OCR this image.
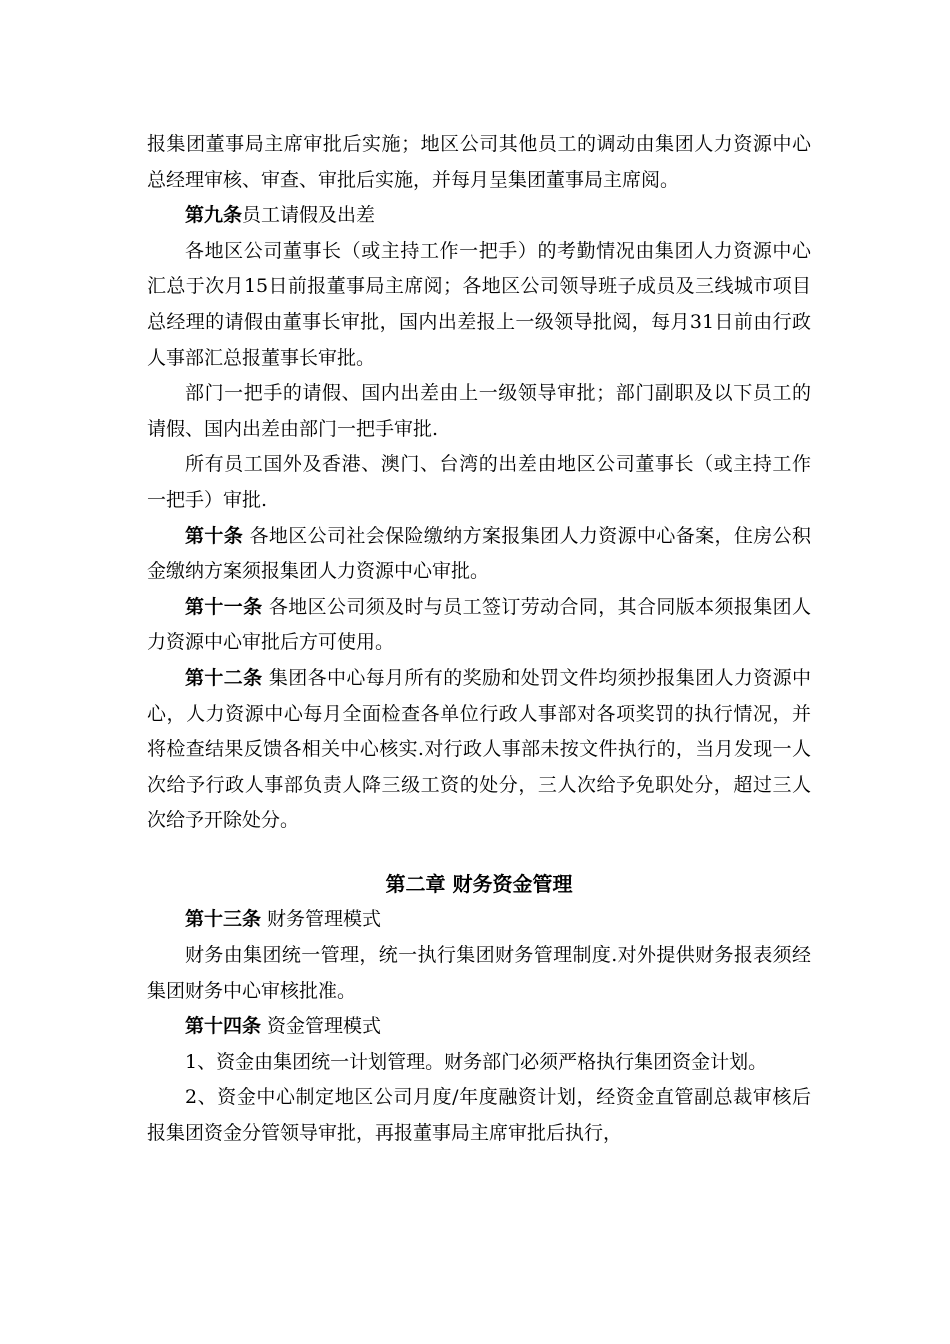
报集团董事局主席审批后实施；地区公司其他员工的调动由集团人力资源中心总经理审核、审查、审批后实施，并每月呈集团董事局主席阅。

第九条员工请假及出差

各地区公司董事长（或主持工作一把手）的考勤情况由集团人力资源中心汇总于次月15日前报董事局主席阅；各地区公司领导班子成员及三线城市项目总经理的请假由董事长审批，国内出差报上一级领导批阅，每月31日前由行政人事部汇总报董事长审批。

部门一把手的请假、国内出差由上一级领导审批；部门副职及以下员工的请假、国内出差由部门一把手审批.

所有员工国外及香港、澳门、台湾的出差由地区公司董事长（或主持工作一把手）审批.

第十条 各地区公司社会保险缴纳方案报集团人力资源中心备案，住房公积金缴纳方案须报集团人力资源中心审批。

第十一条 各地区公司须及时与员工签订劳动合同，其合同版本须报集团人力资源中心审批后方可使用。

第十二条 集团各中心每月所有的奖励和处罚文件均须抄报集团人力资源中心，人力资源中心每月全面检查各单位行政人事部对各项奖罚的执行情况，并将检查结果反馈各相关中心核实.对行政人事部未按文件执行的，当月发现一人次给予行政人事部负责人降三级工资的处分，三人次给予免职处分，超过三人次给予开除处分。

第二章 财务资金管理

第十三条 财务管理模式

财务由集团统一管理，统一执行集团财务管理制度.对外提供财务报表须经集团财务中心审核批准。

第十四条 资金管理模式

1、资金由集团统一计划管理。财务部门必须严格执行集团资金计划。

2、资金中心制定地区公司月度/年度融资计划，经资金直管副总裁审核后报集团资金分管领导审批，再报董事局主席审批后执行，
